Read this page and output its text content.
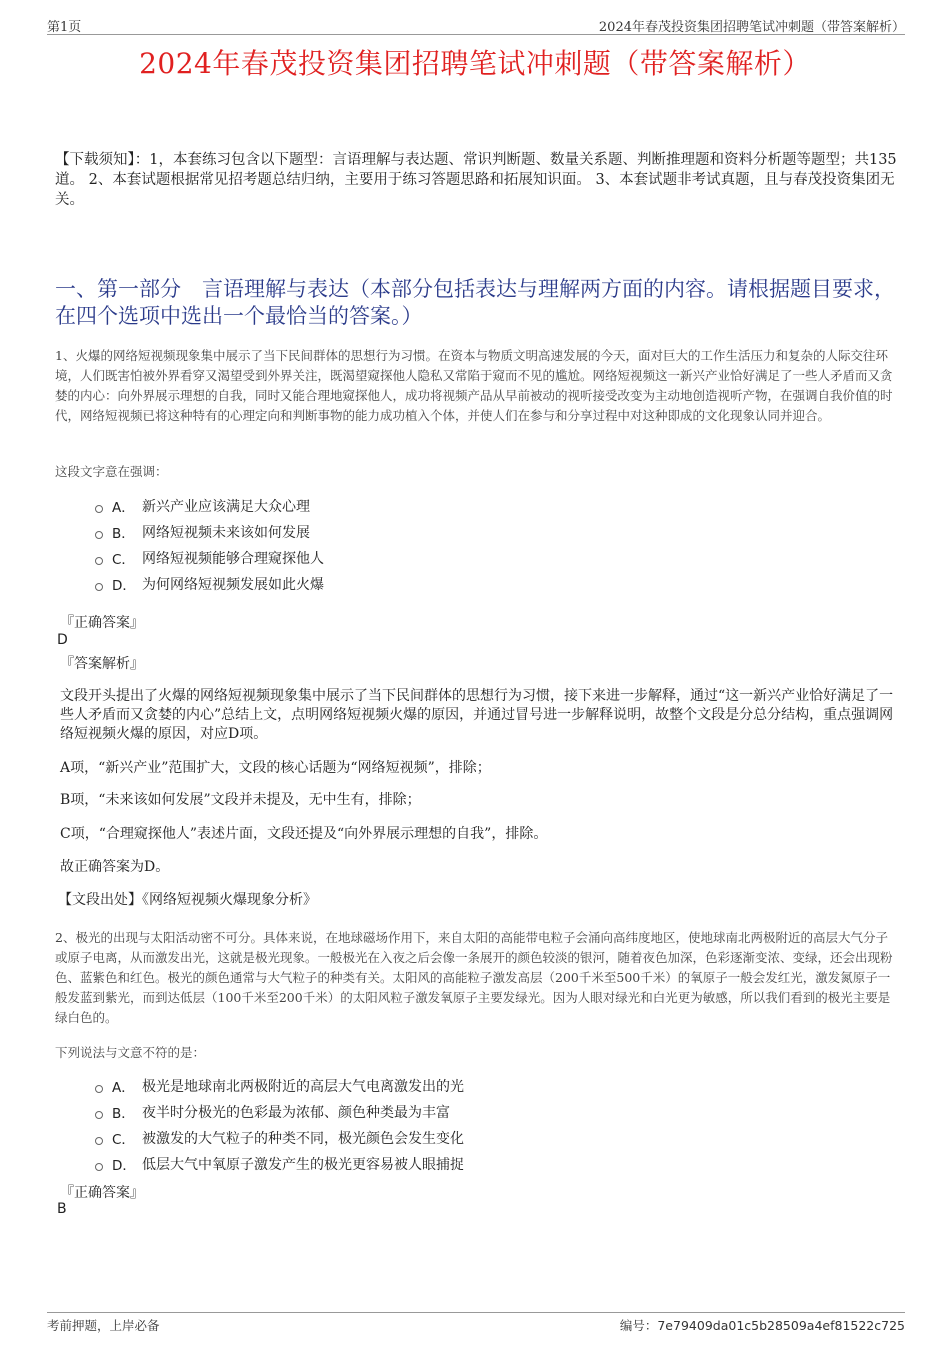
第1页	2024年春茂投资集团招聘笔试冲刺题（带答案解析）
2024年春茂投资集团招聘笔试冲刺题（带答案解析）
【下载须知】：1，本套练习包含以下题型：言语理解与表达题、常识判断题、数量关系题、判断推理题和资料分析题等题型；共135道。 2、本套试题根据常见招考题总结归纳，主要用于练习答题思路和拓展知识面。 3、本套试题非考试真题，且与春茂投资集团无关。
一、第一部分　言语理解与表达（本部分包括表达与理解两方面的内容。请根据题目要求，在四个选项中选出一个最恰当的答案。）
1、火爆的网络短视频现象集中展示了当下民间群体的思想行为习惯。在资本与物质文明高速发展的今天，面对巨大的工作生活压力和复杂的人际交往环境，人们既害怕被外界看穿又渴望受到外界关注，既渴望窥探他人隐私又常陷于窥而不见的尴尬。网络短视频这一新兴产业恰好满足了一些人矛盾而又贪婪的内心：向外界展示理想的自我，同时又能合理地窥探他人，成功将视频产品从早前被动的视听接受改变为主动地创造视听产物，在强调自我价值的时代，网络短视频已将这种特有的心理定向和判断事物的能力成功植入个体，并使人们在参与和分享过程中对这种即成的文化现象认同并迎合。
这段文字意在强调：
A． 新兴产业应该满足大众心理
B． 网络短视频未来该如何发展
C． 网络短视频能够合理窥探他人
D． 为何网络短视频发展如此火爆
『正确答案』
D
『答案解析』
文段开头提出了火爆的网络短视频现象集中展示了当下民间群体的思想行为习惯，接下来进一步解释，通过“这一新兴产业恰好满足了一些人矛盾而又贪婪的内心”总结上文，点明网络短视频火爆的原因，并通过冒号进一步解释说明，故整个文段是分总分结构，重点强调网络短视频火爆的原因，对应D项。
A项，“新兴产业”范围扩大，文段的核心话题为“网络短视频”，排除；
B项，“未来该如何发展”文段并未提及，无中生有，排除；
C项，“合理窥探他人”表述片面，文段还提及“向外界展示理想的自我”，排除。
故正确答案为D。
【文段出处】《网络短视频火爆现象分析》
2、极光的出现与太阳活动密不可分。具体来说，在地球磁场作用下，来自太阳的高能带电粒子会涌向高纬度地区，使地球南北两极附近的高层大气分子或原子电离，从而激发出光，这就是极光现象。一般极光在入夜之后会像一条展开的颜色较淡的银河，随着夜色加深，色彩逐渐变浓、变绿，还会出现粉色、蓝紫色和红色。极光的颜色通常与大气粒子的种类有关。太阳风的高能粒子激发高层（200千米至500千米）的氧原子一般会发红光，激发氮原子一般发蓝到紫光，而到达低层（100千米至200千米）的太阳风粒子激发氧原子主要发绿光。因为人眼对绿光和白光更为敏感，所以我们看到的极光主要是绿白色的。
下列说法与文意不符的是：
A． 极光是地球南北两极附近的高层大气电离激发出的光
B． 夜半时分极光的色彩最为浓郁、颜色种类最为丰富
C． 被激发的大气粒子的种类不同，极光颜色会发生变化
D． 低层大气中氧原子激发产生的极光更容易被人眼捕捉
『正确答案』
B
考前押题，上岸必备	编号：7e79409da01c5b28509a4ef81522c725
